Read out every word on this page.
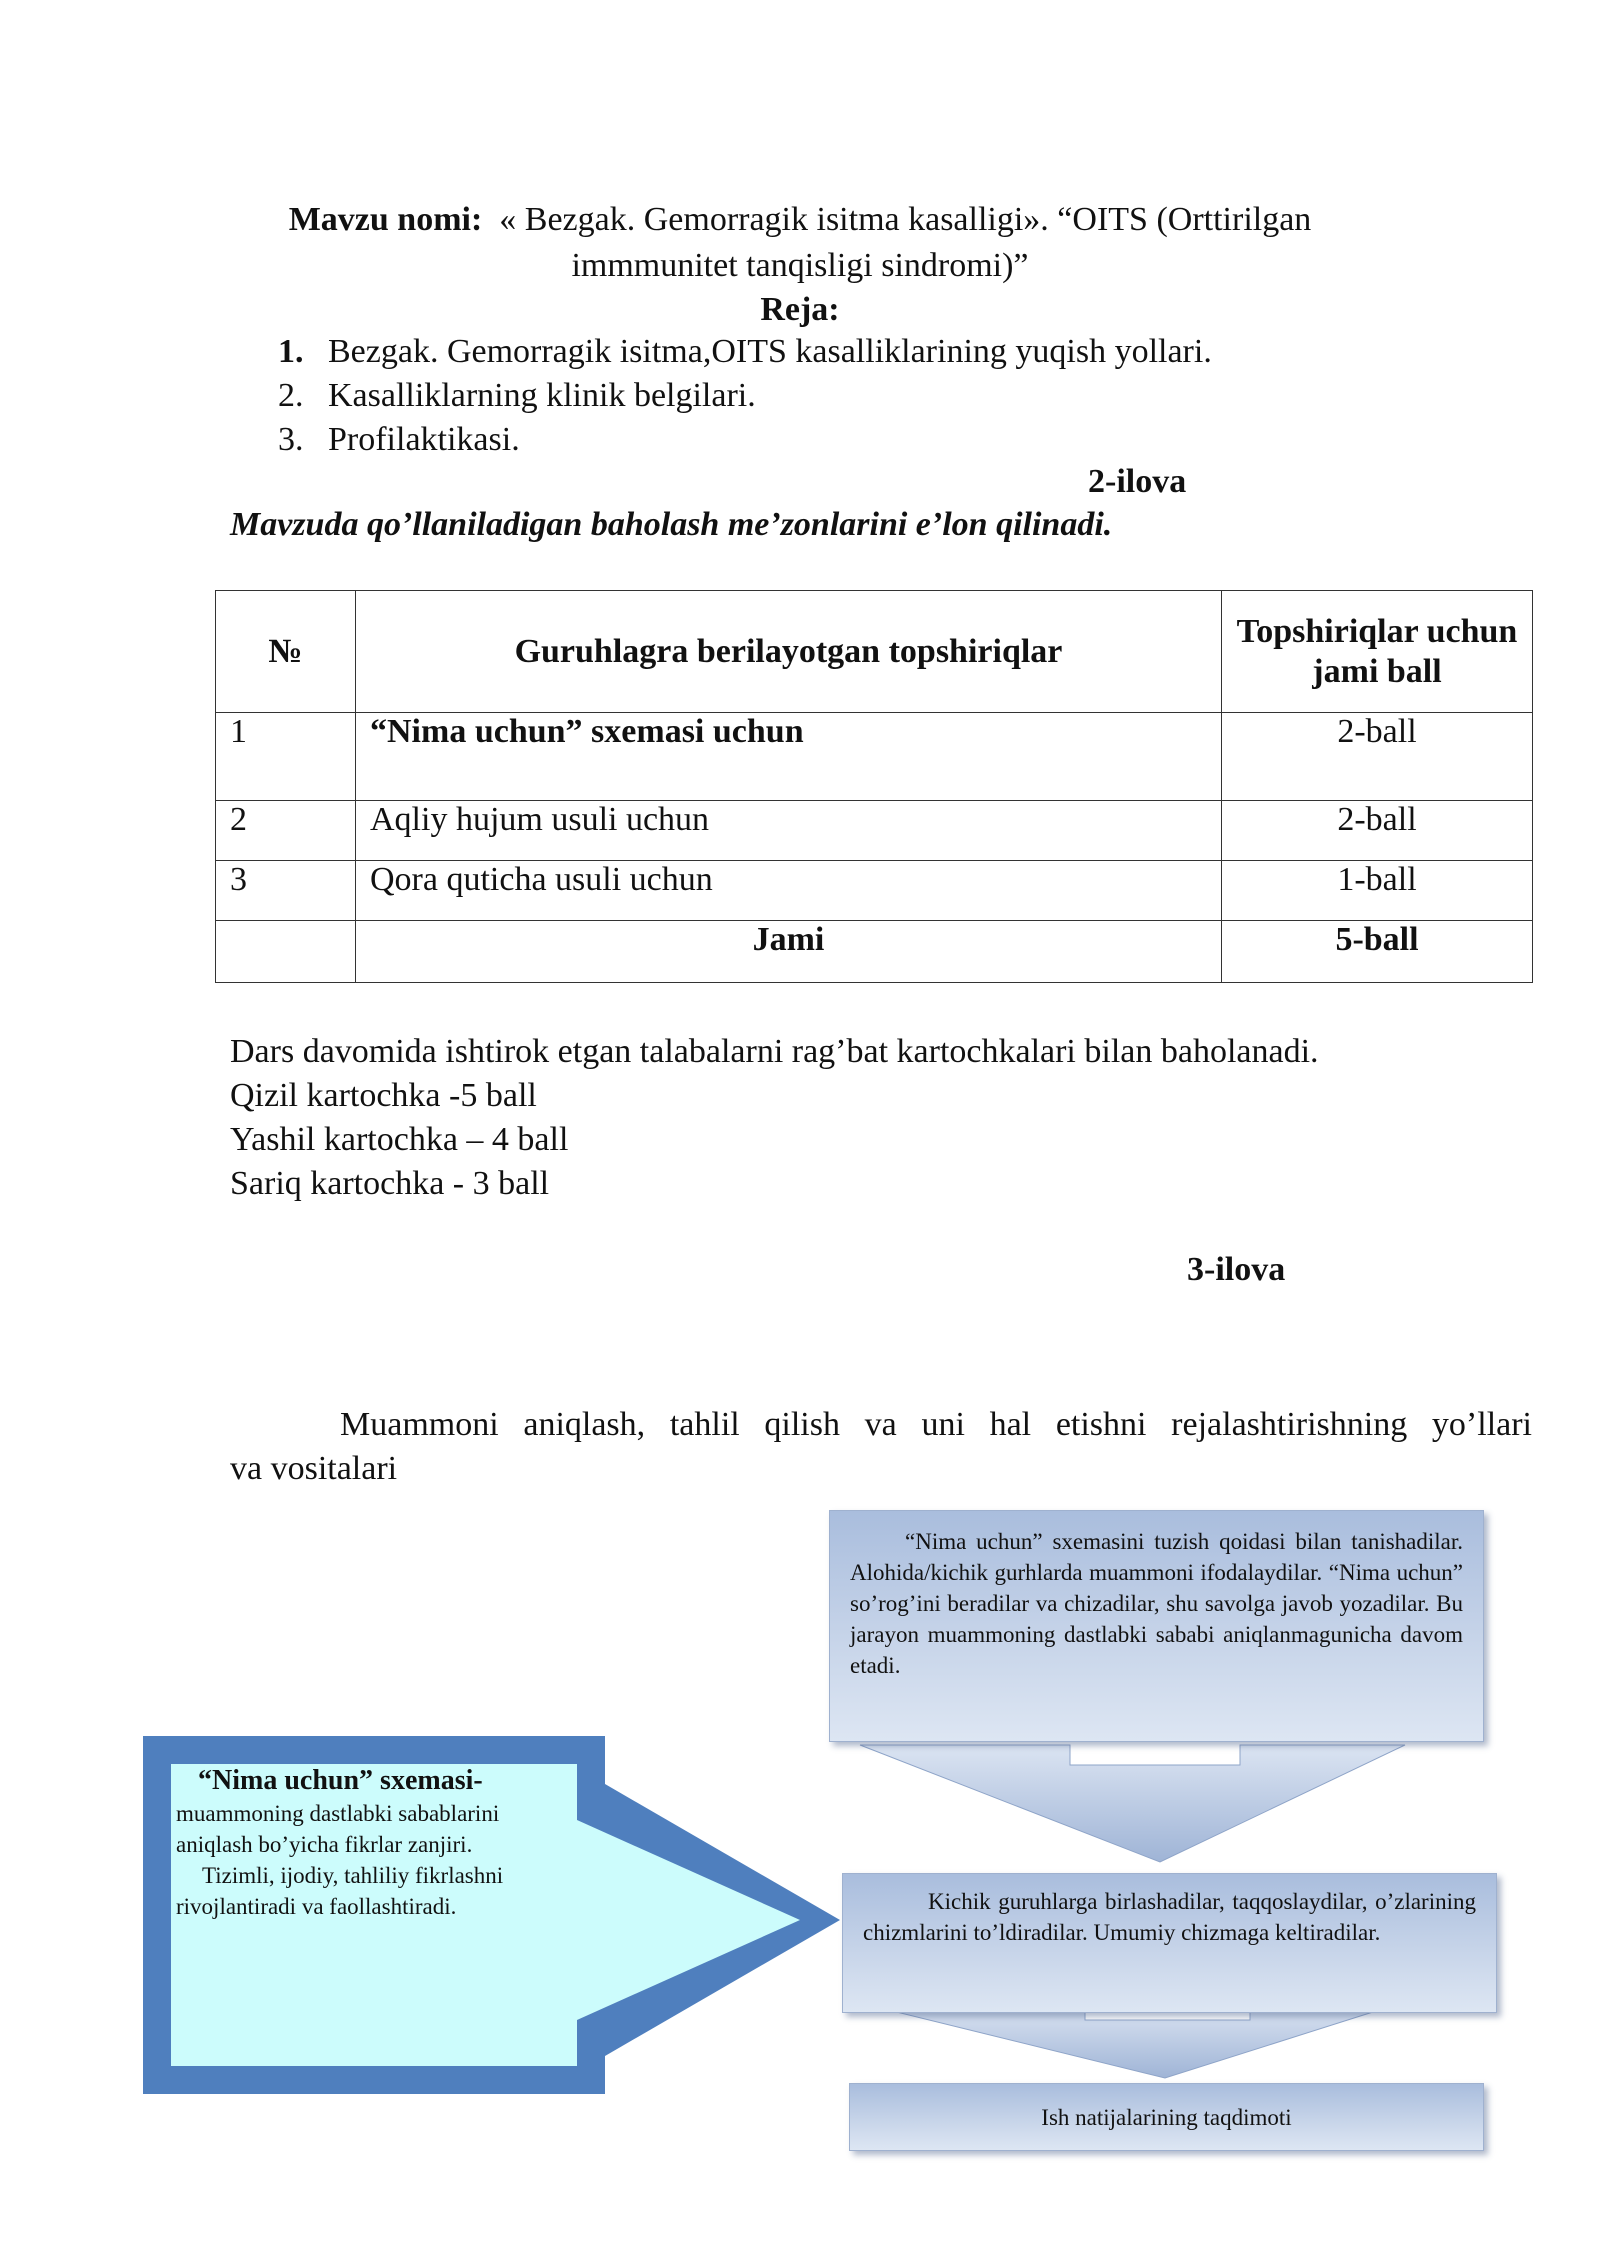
Mavzu nomi: « Bezgak. Gemorragik isitma kasalligi». “OITS (Orttirilgan
immmunitet tanqisligi sindromi)”
Reja:
1. Bezgak. Gemorragik isitma,OITS kasalliklarining yuqish yollari.
2. Kasalliklarning klinik belgilari.
3. Profilaktikasi.
2-ilova
Mavzuda qo’llaniladigan baholash me’zonlarini e’lon qilinadi.
№	Guruhlagra berilayotgan topshiriqlar	Topshiriqlar uchun jami ball
1	“Nima uchun” sxemasi uchun	2-ball
2	Aqliy hujum usuli uchun	2-ball
3	Qora quticha usuli uchun	1-ball
	Jami	5-ball
Dars davomida ishtirok etgan talabalarni rag’bat kartochkalari bilan baholanadi.
Qizil kartochka -5 ball
Yashil kartochka – 4 ball
Sariq kartochka - 3 ball
3-ilova
Muammoni aniqlash, tahlil qilish va uni hal etishni rejalashtirishning yo’llari
va vositalari
“Nima uchun” sxemasini tuzish qoidasi bilan tanishadilar. Alohida/kichik gurhlarda muammoni ifodalaydilar. “Nima uchun” so’rog’ini beradilar va chizadilar, shu savolga javob yozadilar. Bu jarayon muammoning dastlabki sababi aniqlanmagunicha davom etadi.
Kichik guruhlarga birlashadilar, taqqoslaydilar, o’zlarining chizmlarini to’ldiradilar. Umumiy chizmaga keltiradilar.
Ish natijalarining taqdimoti
“Nima uchun” sxemasi-
muammoning dastlabki sabablarini
aniqlash bo’yicha fikrlar zanjiri.
Tizimli, ijodiy, tahliliy fikrlashni
rivojlantiradi va faollashtiradi.
